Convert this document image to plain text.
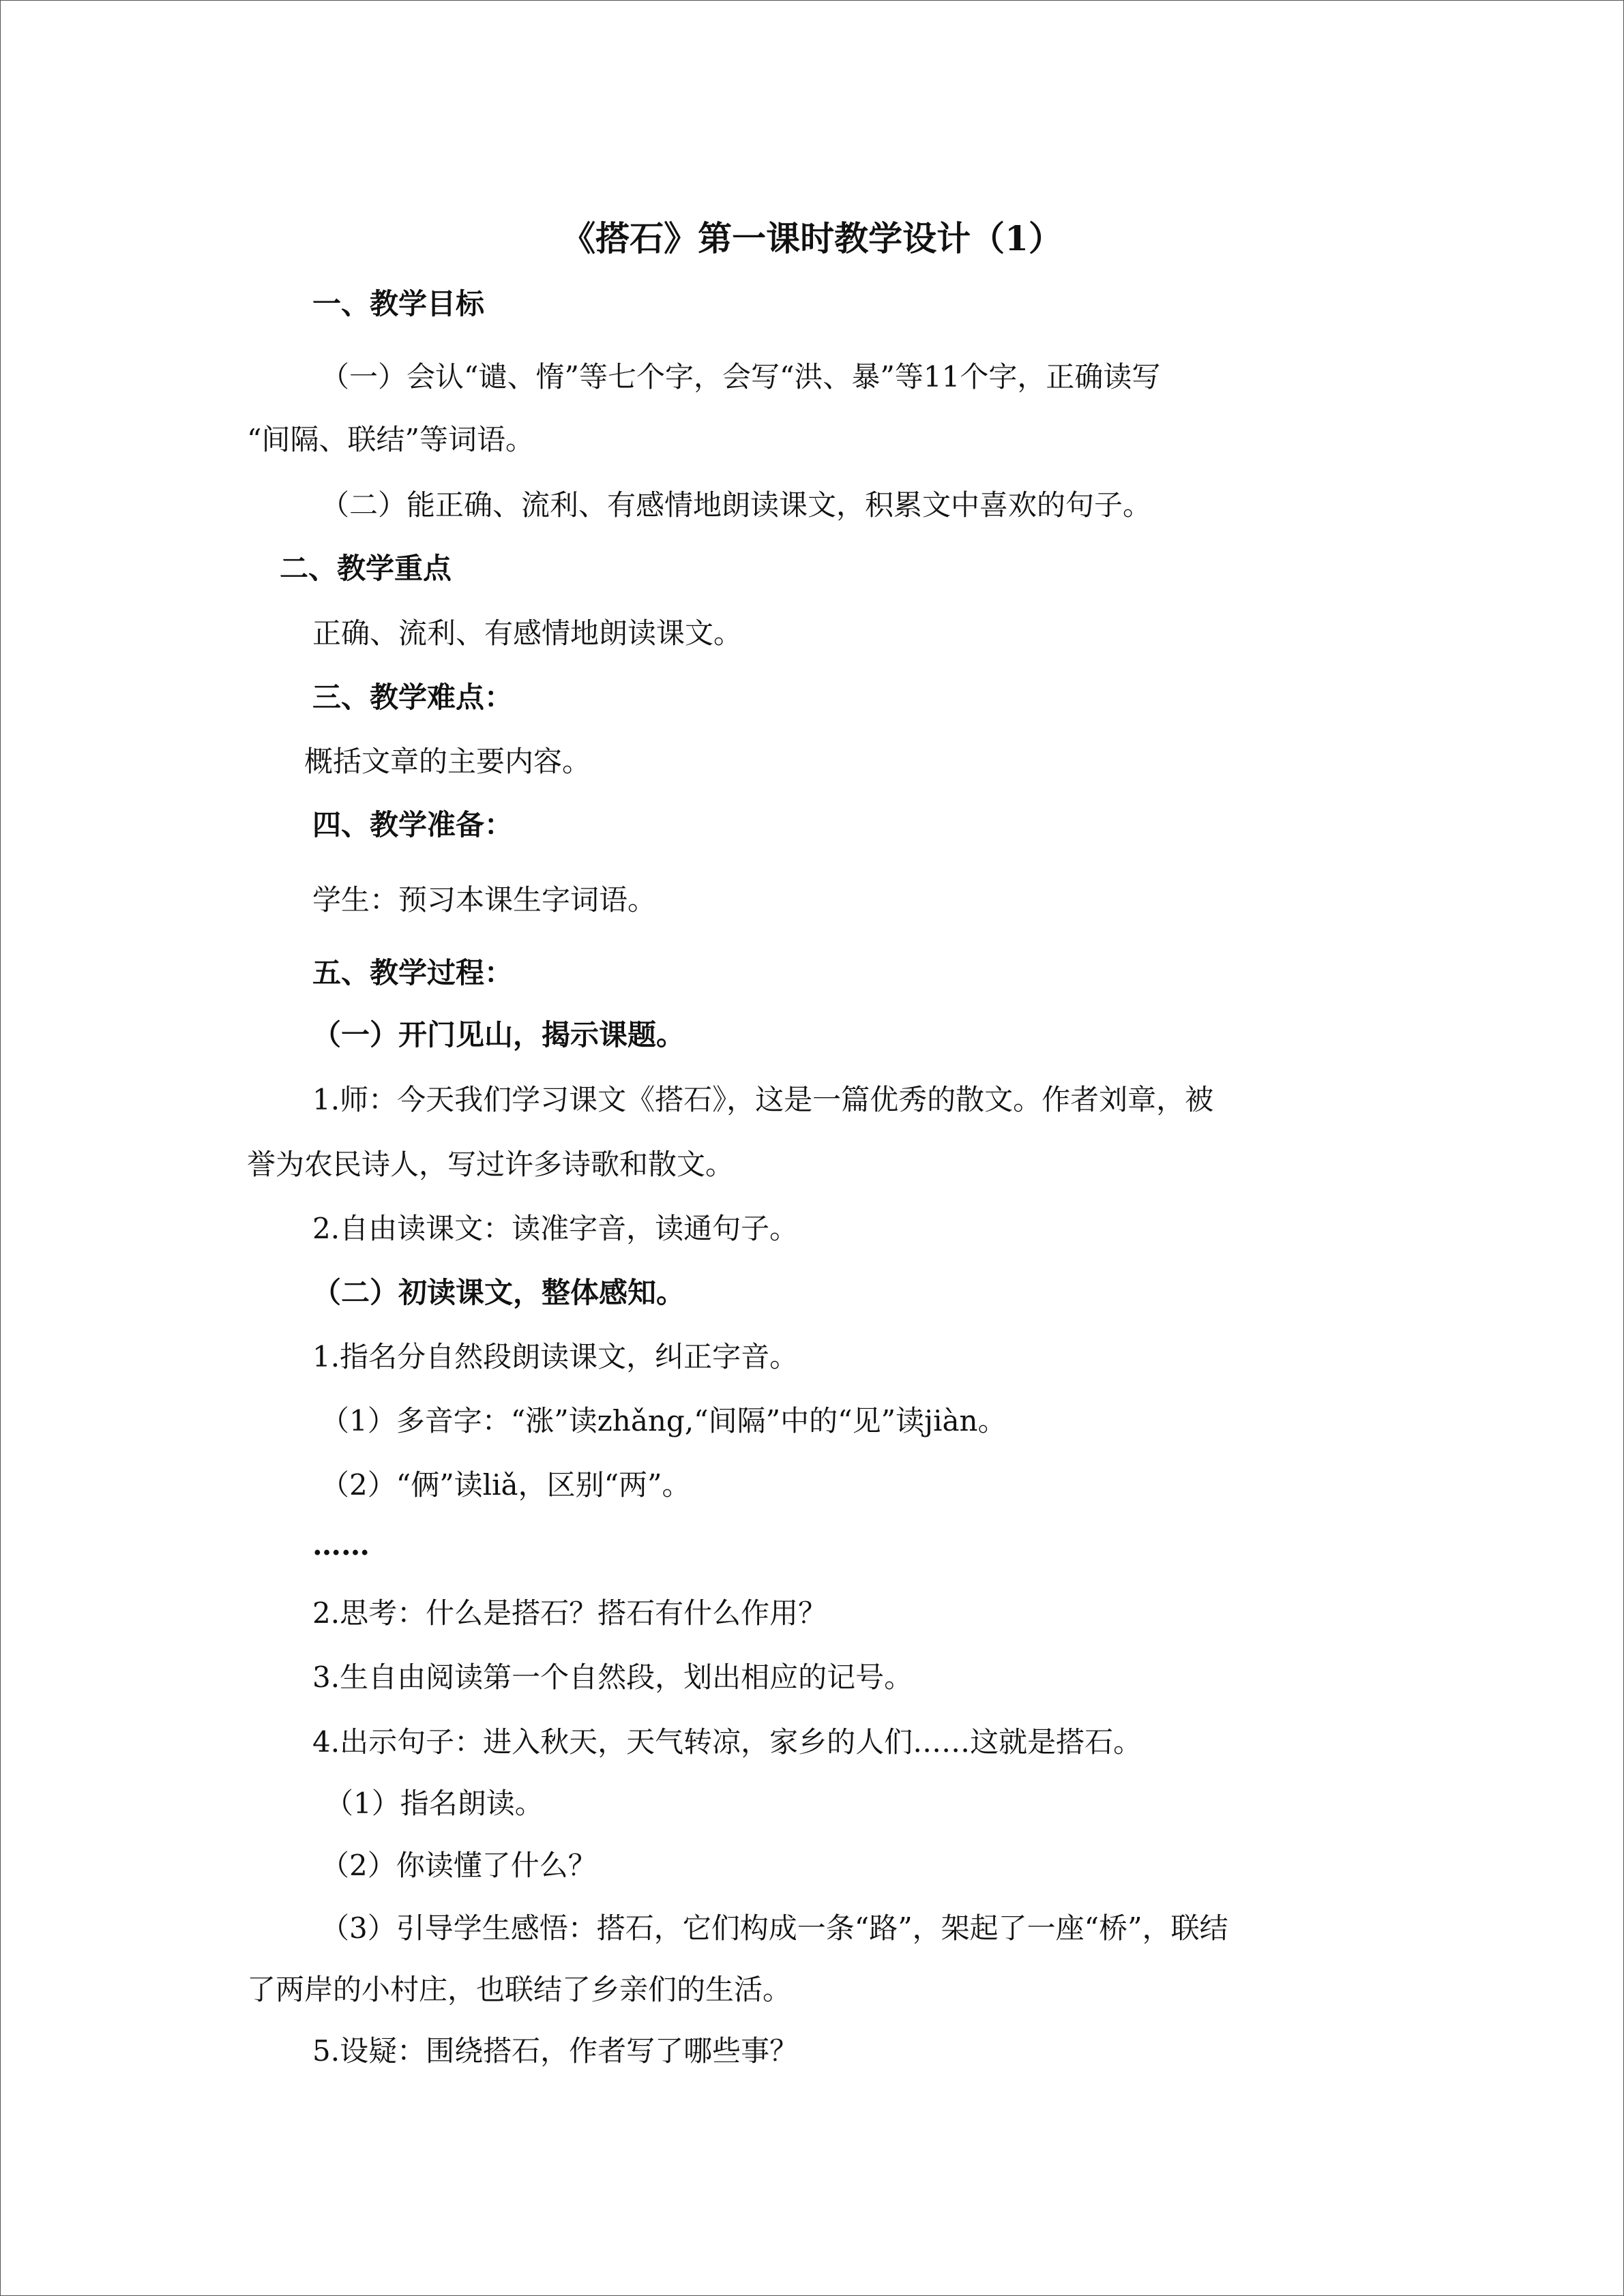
《搭石》第一课时教学设计（1）
一、教学目标
（一）会认“谴、惰”等七个字，会写“洪、暴”等11个字，正确读写
“间隔、联结”等词语。
（二）能正确、流利、有感情地朗读课文，积累文中喜欢的句子。
二、教学重点
正确、流利、有感情地朗读课文。
三、教学难点：
概括文章的主要内容。
四、教学准备：
学生：预习本课生字词语。
五、教学过程：
（一）开门见山，揭示课题。
1.师：今天我们学习课文《搭石》，这是一篇优秀的散文。作者刘章，被
誉为农民诗人，写过许多诗歌和散文。
2.自由读课文：读准字音，读通句子。
（二）初读课文，整体感知。
1.指名分自然段朗读课文，纠正字音。
（1）多音字：“涨”读zhǎng,“间隔”中的“见”读jiàn。
（2）“俩”读liǎ，区别“两”。
……
2.思考：什么是搭石？搭石有什么作用？
3.生自由阅读第一个自然段，划出相应的记号。
4.出示句子：进入秋天，天气转凉，家乡的人们……这就是搭石。
（1）指名朗读。
（2）你读懂了什么？
（3）引导学生感悟：搭石，它们构成一条“路”，架起了一座“桥”，联结
了两岸的小村庄，也联结了乡亲们的生活。
5.设疑：围绕搭石，作者写了哪些事？
